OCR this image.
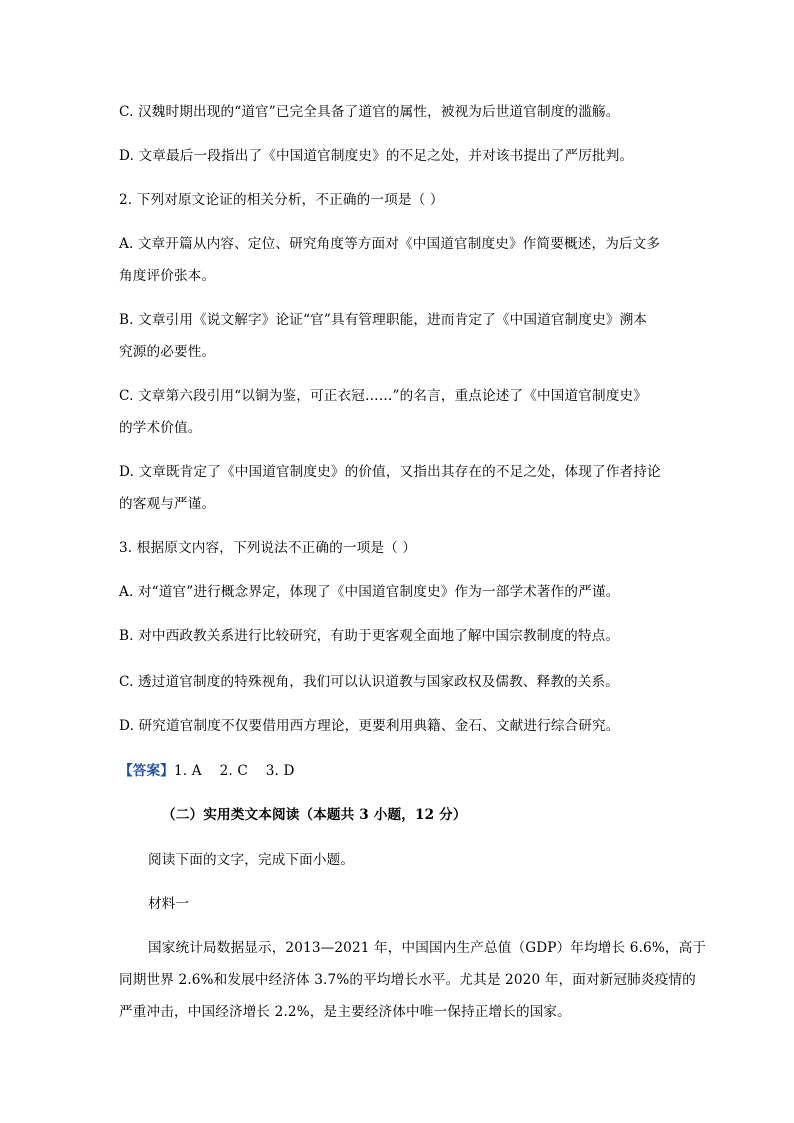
C. 汉魏时期出现的“道官”已完全具备了道官的属性，被视为后世道官制度的滥觞。

D. 文章最后一段指出了《中国道官制度史》的不足之处，并对该书提出了严厉批判。

2. 下列对原文论证的相关分析，不正确的一项是（ ）

A. 文章开篇从内容、定位、研究角度等方面对《中国道官制度史》作简要概述，为后文多

角度评价张本。

B. 文章引用《说文解字》论证“官”具有管理职能，进而肯定了《中国道官制度史》溯本

究源的必要性。

C. 文章第六段引用“以铜为鉴，可正衣冠……”的名言，重点论述了《中国道官制度史》

的学术价值。

D. 文章既肯定了《中国道官制度史》的价值，又指出其存在的不足之处，体现了作者持论

的客观与严谨。

3. 根据原文内容，下列说法不正确的一项是（ ）

A. 对“道官”进行概念界定，体现了《中国道官制度史》作为一部学术著作的严谨。

B. 对中西政教关系进行比较研究，有助于更客观全面地了解中国宗教制度的特点。

C. 透过道官制度的特殊视角，我们可以认识道教与国家政权及儒教、释教的关系。

D. 研究道官制度不仅要借用西方理论，更要利用典籍、金石、文献进行综合研究。

【答案】1. A    2. C    3. D

（二）实用类文本阅读（本题共 3 小题，12 分）

阅读下面的文字，完成下面小题。

材料一

国家统计局数据显示，2013—2021 年，中国国内生产总值（GDP）年均增长 6.6%，高于

同期世界 2.6%和发展中经济体 3.7%的平均增长水平。尤其是 2020 年，面对新冠肺炎疫情的

严重冲击，中国经济增长 2.2%，是主要经济体中唯一保持正增长的国家。
